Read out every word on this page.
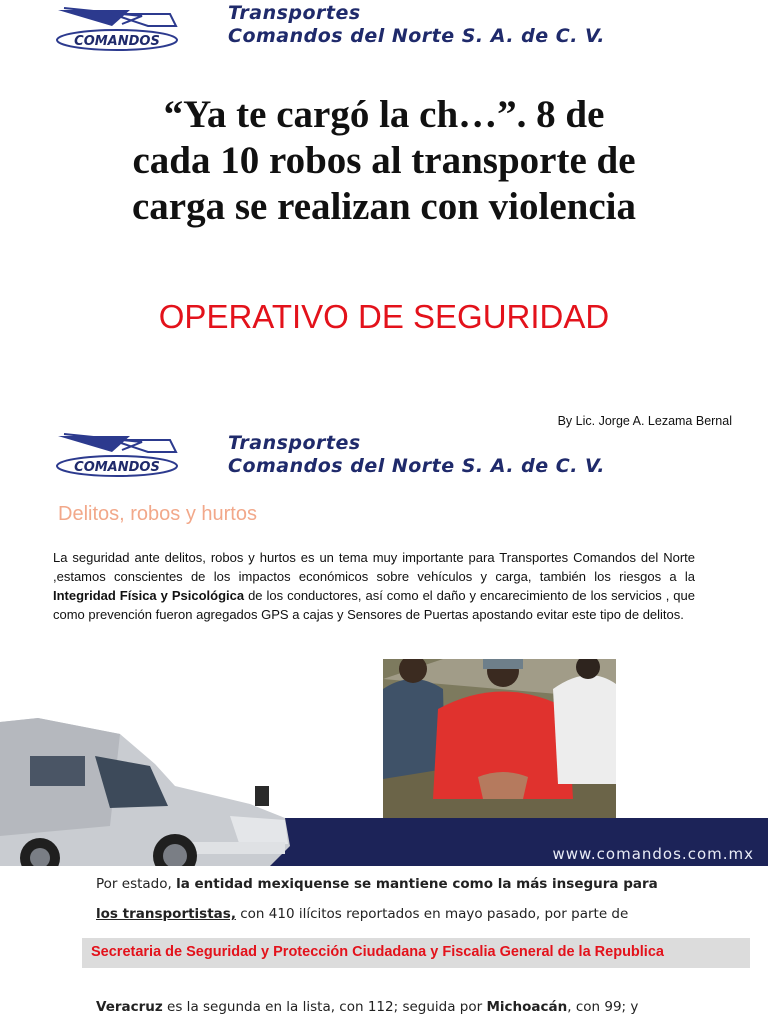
COMANDOS
Transportes
Comandos del Norte S. A. de C. V.
“Ya te cargó la ch…”. 8 de
cada 10 robos al transporte de
carga se realizan con violencia
OPERATIVO DE SEGURIDAD
By Lic. Jorge A. Lezama Bernal
COMANDOS
Transportes
Comandos del Norte S. A. de C. V.
Delitos, robos y hurtos
La seguridad ante delitos, robos y hurtos es un tema muy importante para Transportes Comandos del Norte ,estamos conscientes de los impactos económicos sobre vehículos y carga, también los riesgos a la Integridad Física y Psicológica de los conductores, así como el daño y encarecimiento de los servicios , que como prevención fueron agregados GPS a cajas y Sensores de Puertas apostando evitar este tipo de delitos.
www.comandos.com.mx
Por estado, la entidad mexiquense se mantiene como la más insegura para
los transportistas, con 410 ilícitos reportados en mayo pasado, por parte de
Secretaria de Seguridad y Protección Ciudadana y Fiscalia General de la Republica
Veracruz es la segunda en la lista, con 112; seguida por Michoacán, con 99; y
